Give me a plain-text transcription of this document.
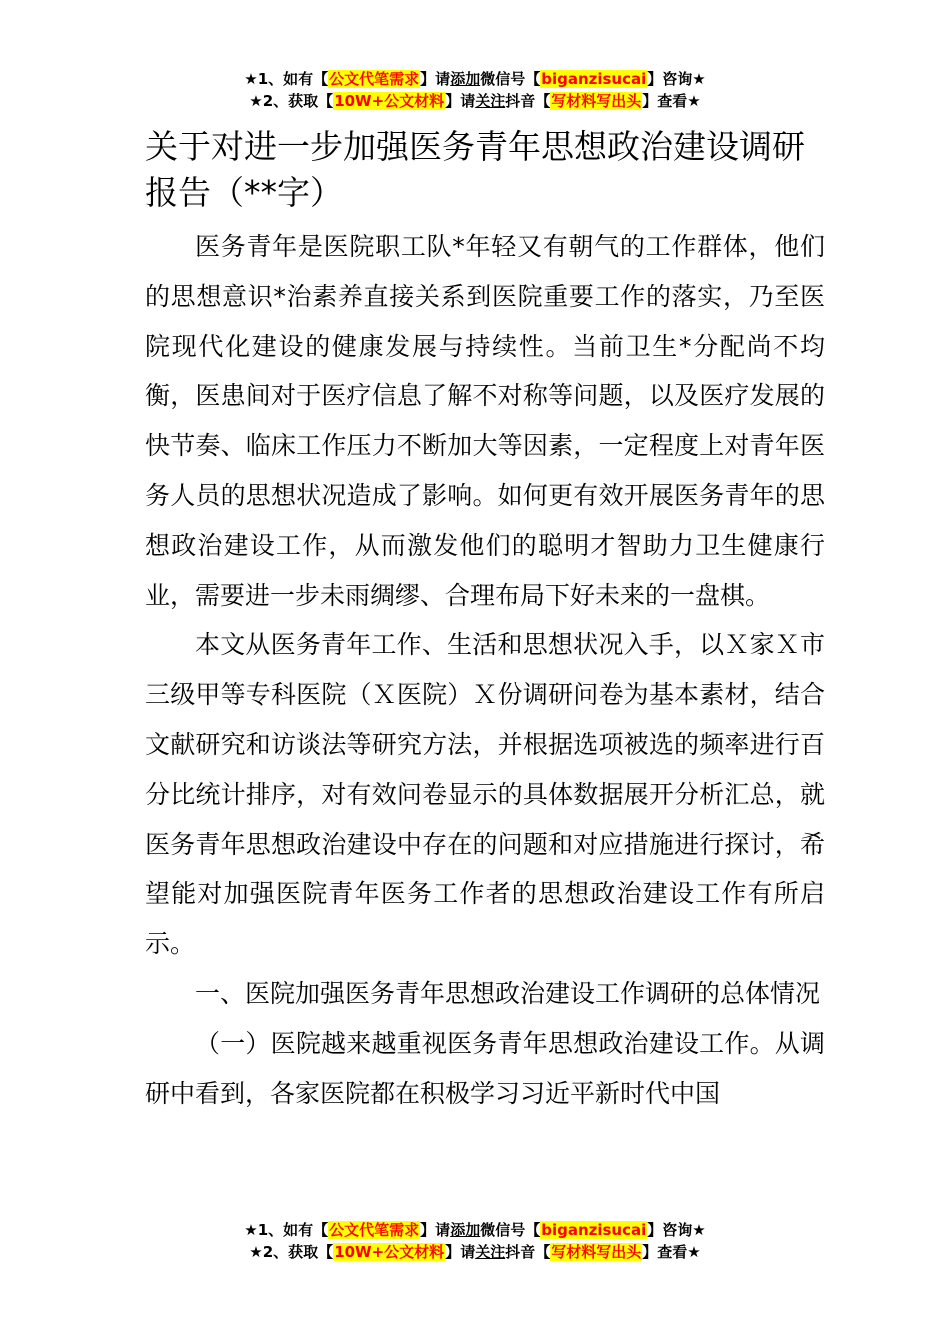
★1、如有【公文代笔需求】请添加微信号【biganzisucai】咨询★
★2、获取【10W+公文材料】请关注抖音【写材料写出头】查看★
关于对进一步加强医务青年思想政治建设调研报告（**字）

医务青年是医院职工队*年轻又有朝气的工作群体，他们的思想意识*治素养直接关系到医院重要工作的落实，乃至医院现代化建设的健康发展与持续性。当前卫生*分配尚不均衡，医患间对于医疗信息了解不对称等问题，以及医疗发展的快节奏、临床工作压力不断加大等因素，一定程度上对青年医务人员的思想状况造成了影响。如何更有效开展医务青年的思想政治建设工作，从而激发他们的聪明才智助力卫生健康行业，需要进一步未雨绸缪、合理布局下好未来的一盘棋。

本文从医务青年工作、生活和思想状况入手，以Ｘ家Ｘ市三级甲等专科医院（Ｘ医院）Ｘ份调研问卷为基本素材，结合文献研究和访谈法等研究方法，并根据选项被选的频率进行百分比统计排序，对有效问卷显示的具体数据展开分析汇总，就医务青年思想政治建设中存在的问题和对应措施进行探讨，希望能对加强医院青年医务工作者的思想政治建设工作有所启示。

一、医院加强医务青年思想政治建设工作调研的总体情况

（一）医院越来越重视医务青年思想政治建设工作。从调研中看到，各家医院都在积极学习习近平新时代中国

★1、如有【公文代笔需求】请添加微信号【biganzisucai】咨询★
★2、获取【10W+公文材料】请关注抖音【写材料写出头】查看★
